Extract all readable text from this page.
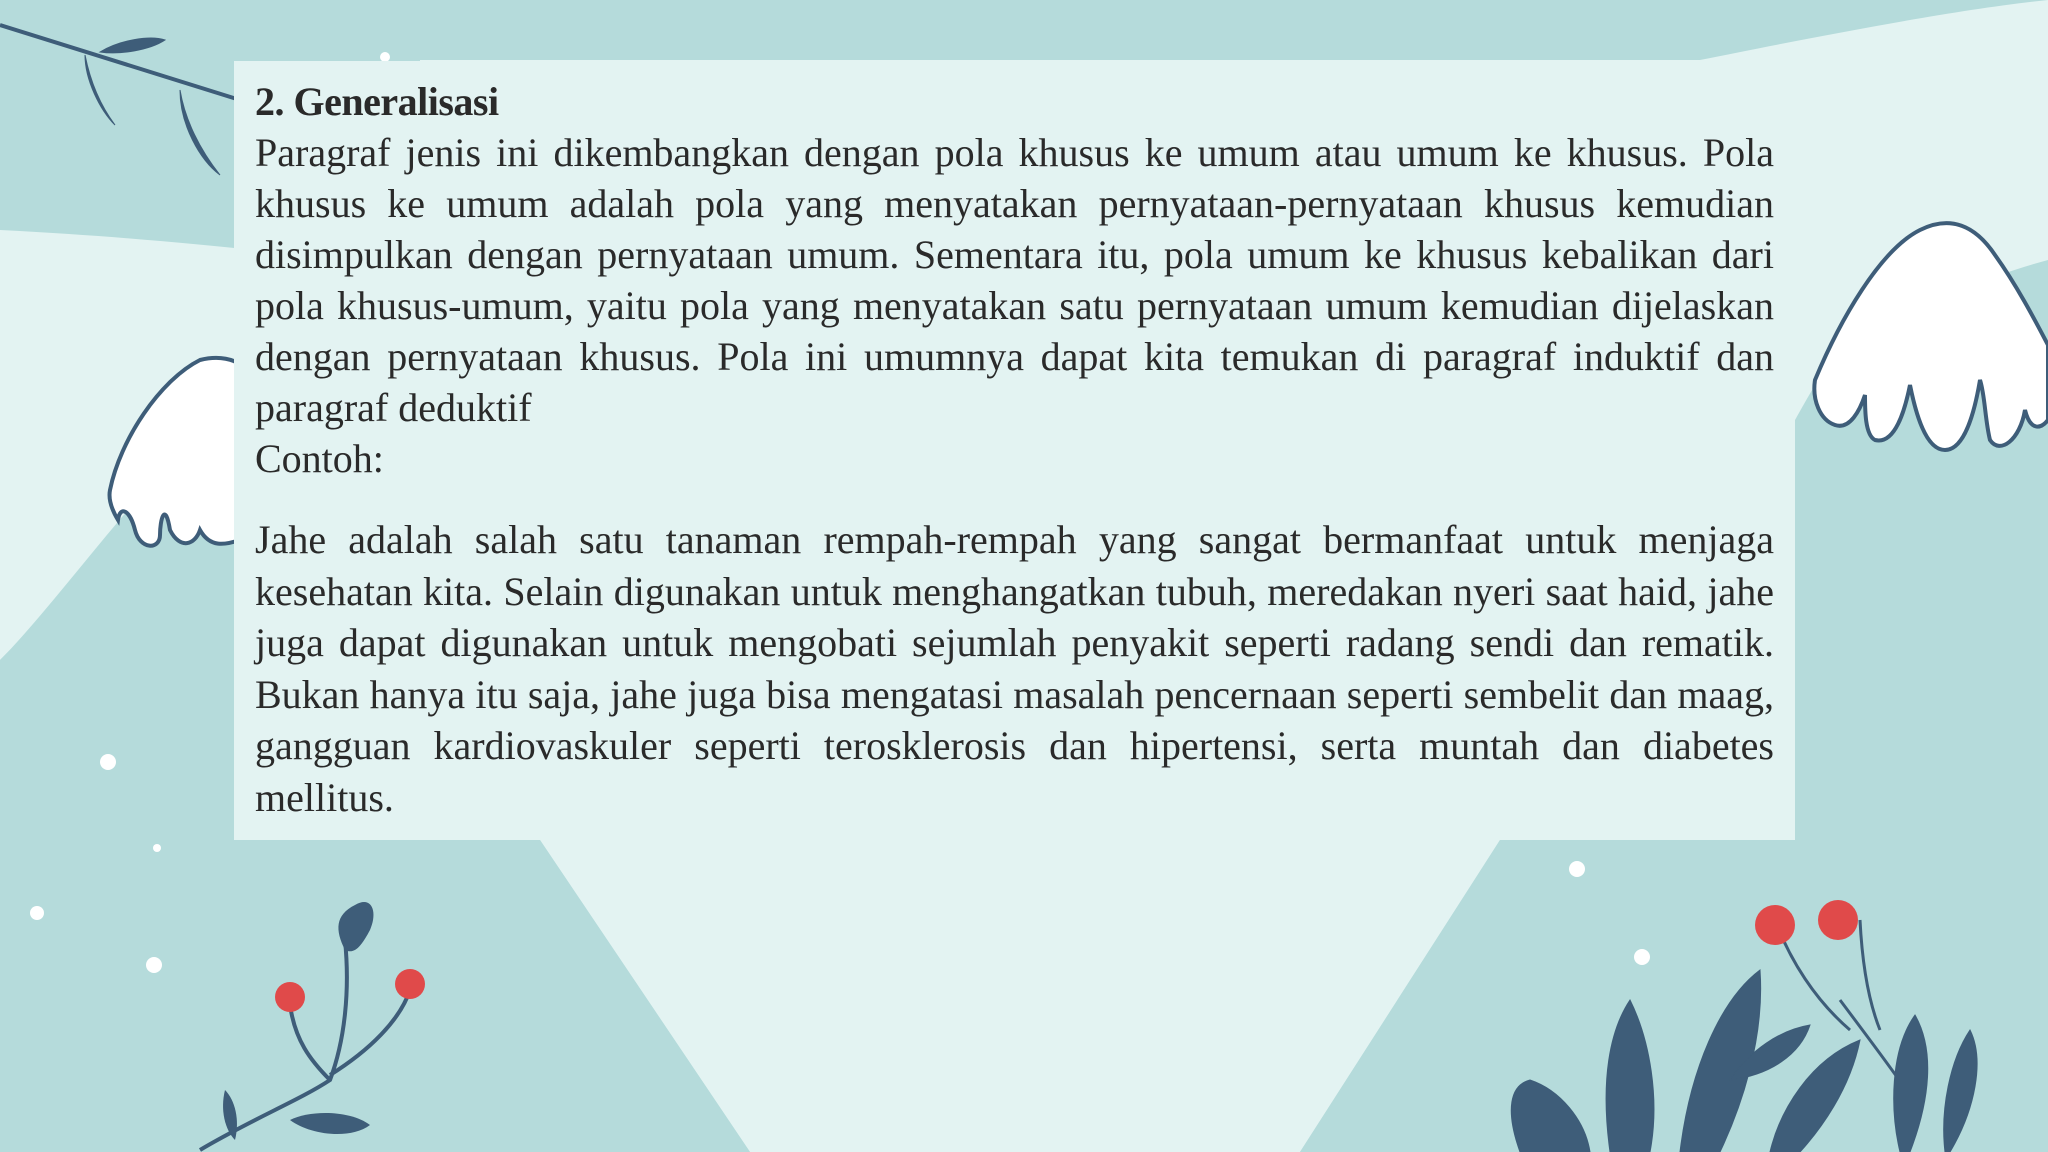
2. Generalisasi

Paragraf jenis ini dikembangkan dengan pola khusus ke umum atau umum ke khusus. Pola khusus ke umum adalah pola yang menyatakan pernyataan-pernyataan khusus kemudian disimpulkan dengan pernyataan umum. Sementara itu, pola umum ke khusus kebalikan dari pola khusus-umum, yaitu pola yang menyatakan satu pernyataan umum kemudian dijelaskan dengan pernyataan khusus. Pola ini umumnya dapat kita temukan di paragraf induktif dan paragraf deduktif

Contoh:

Jahe adalah salah satu tanaman rempah-rempah yang sangat bermanfaat untuk menjaga kesehatan kita. Selain digunakan untuk menghangatkan tubuh, meredakan nyeri saat haid, jahe juga dapat digunakan untuk mengobati sejumlah penyakit seperti radang sendi dan rematik. Bukan hanya itu saja, jahe juga bisa mengatasi masalah pencernaan seperti sembelit dan maag, gangguan kardiovaskuler seperti terosklerosis dan hipertensi, serta muntah dan diabetes mellitus.
